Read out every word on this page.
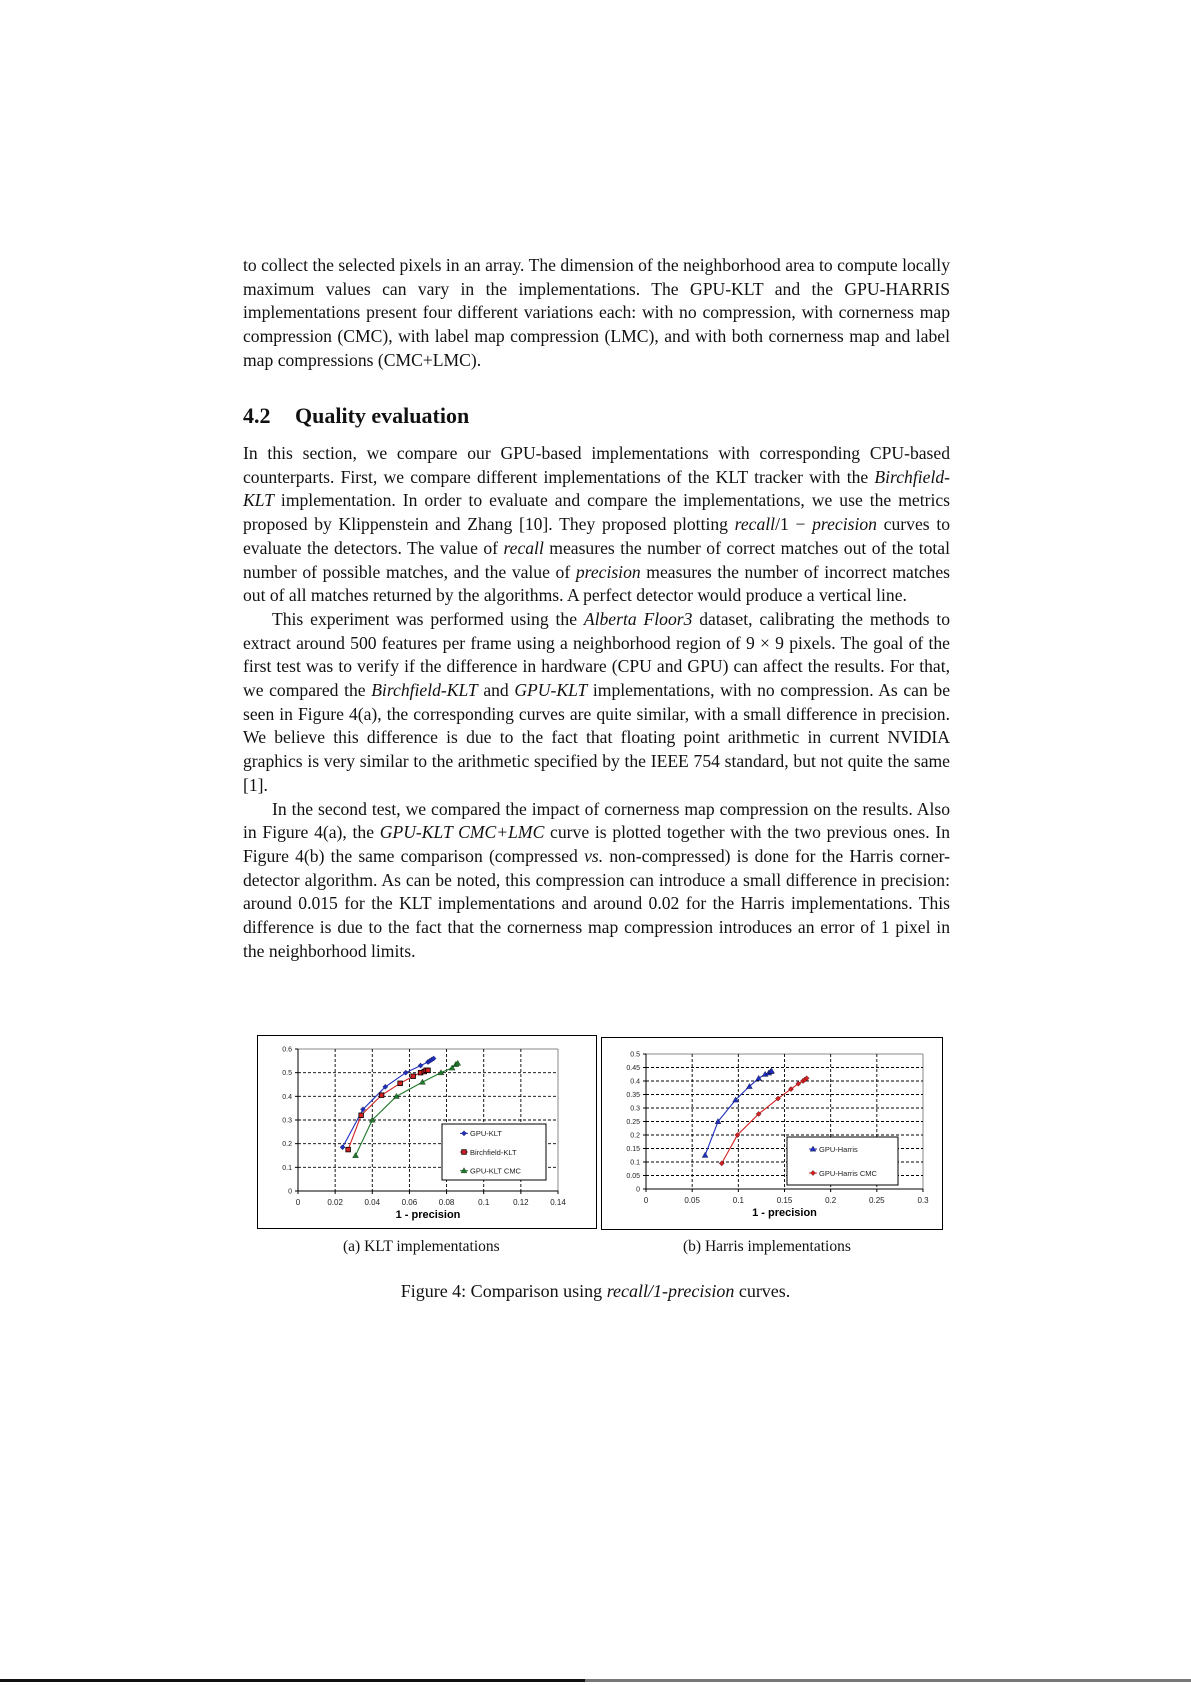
to collect the selected pixels in an array. The dimension of the neighborhood area to compute locally maximum values can vary in the implementations. The GPU-KLT and the GPU-HARRIS implementations present four different variations each: with no compression, with cornerness map compression (CMC), with label map compression (LMC), and with both cornerness map and label map compressions (CMC+LMC).

4.2 Quality evaluation

In this section, we compare our GPU-based implementations with corresponding CPU-based counterparts. First, we compare different implementations of the KLT tracker with the Birchfield-KLT implementation. In order to evaluate and compare the implementations, we use the metrics proposed by Klippenstein and Zhang [10]. They proposed plotting recall/1 − precision curves to evaluate the detectors. The value of recall measures the number of correct matches out of the total number of possible matches, and the value of precision measures the number of incorrect matches out of all matches returned by the algorithms. A perfect detector would produce a vertical line.

This experiment was performed using the Alberta Floor3 dataset, calibrating the methods to extract around 500 features per frame using a neighborhood region of 9 × 9 pixels. The goal of the first test was to verify if the difference in hardware (CPU and GPU) can affect the results. For that, we compared the Birchfield-KLT and GPU-KLT implementations, with no compression. As can be seen in Figure 4(a), the corresponding curves are quite similar, with a small difference in precision. We believe this difference is due to the fact that floating point arithmetic in current NVIDIA graphics is very similar to the arithmetic specified by the IEEE 754 standard, but not quite the same [1].

In the second test, we compared the impact of cornerness map compression on the results. Also in Figure 4(a), the GPU-KLT CMC+LMC curve is plotted together with the two previous ones. In Figure 4(b) the same comparison (compressed vs. non-compressed) is done for the Harris corner-detector algorithm. As can be noted, this compression can introduce a small difference in precision: around 0.015 for the KLT implementations and around 0.02 for the Harris implementations. This difference is due to the fact that the cornerness map compression introduces an error of 1 pixel in the neighborhood limits.

0	0.02	0.04	0.06	0.08	0.1	0.12	0.14
0
0.1
0.2
0.3
0.4
0.5
0.6
1 - precision
GPU-KLT
Birchfield-KLT
GPU-KLT CMC
0	0.05	0.1	0.15	0.2	0.25	0.3
0
0.05
0.1
0.15
0.2
0.25
0.3
0.35
0.4
0.45
0.5
1 - precision
GPU-Harris
GPU-Harris CMC
(a) KLT implementations	(b) Harris implementations
Figure 4: Comparison using recall/1-precision curves.
